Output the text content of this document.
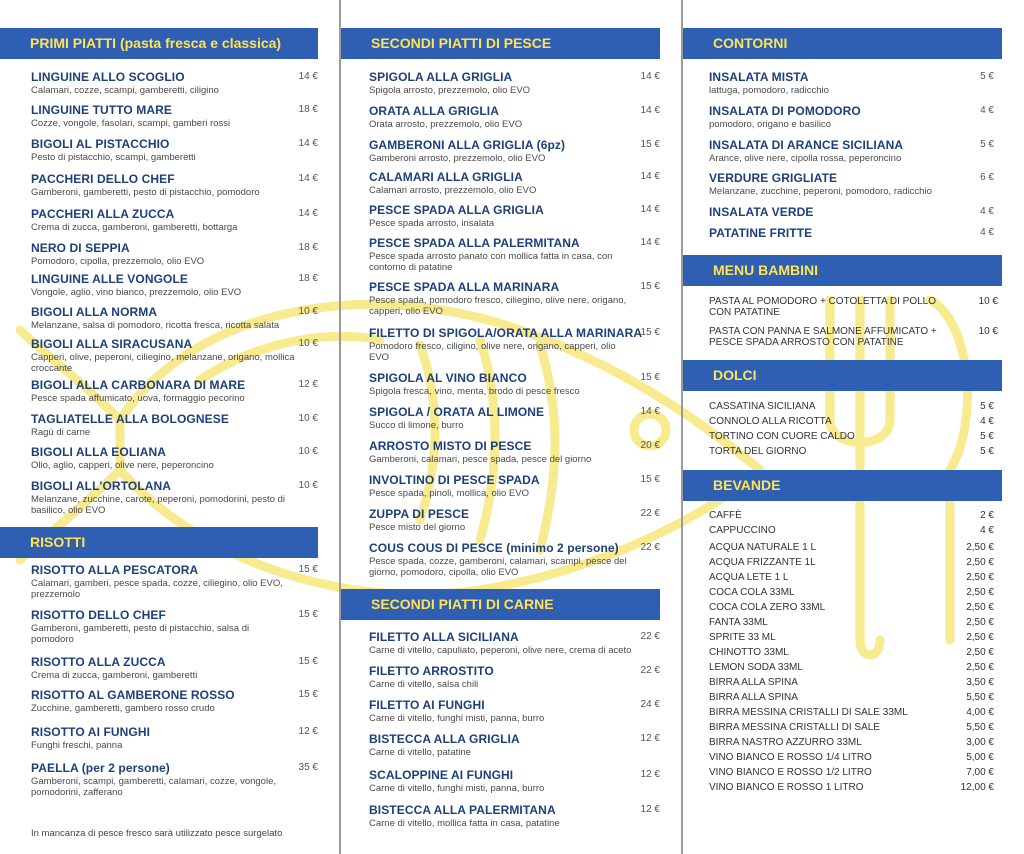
PRIMI PIATTI (pasta fresca e classica)
LINGUINE ALLO SCOGLIO
Calamari, cozze, scampi, gamberetti, ciligino
14 €
LINGUINE TUTTO MARE
Cozze, vongole, fasolari, scampi, gamberi rossi
18 €
BIGOLI AL PISTACCHIO
Pesto di pistacchio, scampi, gamberetti
14 €
PACCHERI DELLO CHEF
Gamberoni, gamberetti, pesto di pistacchio, pomodoro
14 €
PACCHERI ALLA ZUCCA
Crema di zucca, gamberoni, gamberetti, bottarga
14 €
NERO DI SEPPIA
Pomodoro, cipolla, prezzemolo, olio EVO
18 €
LINGUINE ALLE VONGOLE
Vongole, aglio, vino bianco, prezzemolo, olio EVO
18 €
BIGOLI ALLA NORMA
Melanzane, salsa di pomodoro, ricotta fresca, ricotta salata
10 €
BIGOLI ALLA SIRACUSANA
Capperi, olive, peperoni, ciliegino, melanzane, origano, mollica croccante
10 €
BIGOLI ALLA CARBONARA DI MARE
Pesce spada affumicato, uova, formaggio pecorino
12 €
TAGLIATELLE ALLA BOLOGNESE
Ragù di carne
10 €
BIGOLI ALLA EOLIANA
Olio, aglio, capperi, olive nere, peperoncino
10 €
BIGOLI ALL'ORTOLANA
Melanzane, zucchine, carote, peperoni, pomodorini, pesto di basilico, olio EVO
10 €
RISOTTI
RISOTTO ALLA PESCATORA
Calamari, gamberi, pesce spada, cozze, ciliegino, olio EVO, prezzemolo
15 €
RISOTTO DELLO CHEF
Gamberoni, gamberetti, pesto di pistacchio, salsa di pomodoro
15 €
RISOTTO ALLA ZUCCA
Crema di zucca, gamberoni, gamberetti
15 €
RISOTTO AL GAMBERONE ROSSO
Zucchine, gamberetti, gambero rosso crudo
15 €
RISOTTO AI FUNGHI
Funghi freschi, panna
12 €
PAELLA (per 2 persone)
Gamberoni, scampi, gamberetti, calamari, cozze, vongole, pomodorini, zafferano
35 €
In mancanza di pesce fresco sarà utilizzato pesce surgelato
SECONDI PIATTI DI PESCE
SPIGOLA ALLA GRIGLIA
Spigola arrosto, prezzemolo, olio EVO
14 €
ORATA ALLA GRIGLIA
Orata arrosto, prezzemolo, olio EVO
14 €
GAMBERONI ALLA GRIGLIA (6pz)
Gamberoni arrosto, prezzemolo, olio EVO
15 €
CALAMARI ALLA GRIGLIA
Calamari arrosto, prezzemolo, olio EVO
14 €
PESCE SPADA ALLA GRIGLIA
Pesce spada arrosto, insalata
14 €
PESCE SPADA ALLA PALERMITANA
Pesce spada arrosto panato con mollica fatta in casa, con contorno di patatine
14 €
PESCE SPADA ALLA MARINARA
Pesce spada, pomodoro fresco, ciliegino, olive nere, origano, capperi, olio EVO
15 €
FILETTO DI SPIGOLA/ORATA ALLA MARINARA
Pomodoro fresco, ciligino, olive nere, origano, capperi, olio EVO
15 €
SPIGOLA AL VINO BIANCO
Spigola fresca, vino, menta, brodo di pesce fresco
15 €
SPIGOLA / ORATA AL LIMONE
Succo di limone, burro
14 €
ARROSTO MISTO DI PESCE
Gamberoni, calamari, pesce spada, pesce del giorno
20 €
INVOLTINO DI PESCE SPADA
Pesce spada, pinoli, mollica, olio EVO
15 €
ZUPPA DI PESCE
Pesce misto del giorno
22 €
COUS COUS DI PESCE (minimo 2 persone)
Pesce spada, cozze, gamberoni, calamari, scampi, pesce del giorno, pomodoro, cipolla, olio EVO
22 €
SECONDI PIATTI DI CARNE
FILETTO ALLA SICILIANA
Carne di vitello, capuliato, peperoni, olive nere, crema di aceto
22 €
FILETTO ARROSTITO
Carne di vitello, salsa chili
22 €
FILETTO AI FUNGHI
Carne di vitello, funghi misti, panna, burro
24 €
BISTECCA ALLA GRIGLIA
Carne di vitello, patatine
12 €
SCALOPPINE AI FUNGHI
Carne di vitello, funghi misti, panna, burro
12 €
BISTECCA ALLA PALERMITANA
Carne di vitello, mollica fatta in casa, patatine
12 €
CONTORNI
INSALATA MISTA
lattuga, pomodoro, radicchio
5 €
INSALATA DI POMODORO
pomodoro, origano e basilico
4 €
INSALATA DI ARANCE SICILIANA
Arance, olive nere, cipolla rossa, peperoncino
5 €
VERDURE GRIGLIATE
Melanzane, zucchine, peperoni, pomodoro, radicchio
6 €
INSALATA VERDE	4 €
PATATINE FRITTE	4 €
MENU BAMBINI
PASTA AL POMODORO + COTOLETTA DI POLLO CON PATATINE
10 €
PASTA CON PANNA E SALMONE AFFUMICATO + PESCE SPADA ARROSTO CON PATATINE
10 €
DOLCI
CASSATINA SICILIANA	5 €
CONNOLO ALLA RICOTTA	4 €
TORTINO CON CUORE CALDO	5 €
TORTA DEL GIORNO	5 €
BEVANDE
CAFFÈ	2 €
CAPPUCCINO	4 €
ACQUA NATURALE 1 L	2,50 €
ACQUA FRIZZANTE 1L	2,50 €
ACQUA LETE 1 L	2,50 €
COCA COLA 33ML	2,50 €
COCA COLA ZERO 33ML	2,50 €
FANTA 33ML	2,50 €
SPRITE 33 ML	2,50 €
CHINOTTO 33ML	2,50 €
LEMON SODA 33ML	2,50 €
BIRRA ALLA SPINA	3,50 €
BIRRA ALLA SPINA	5,50 €
BIRRA MESSINA CRISTALLI DI SALE 33ML	4,00 €
BIRRA MESSINA CRISTALLI DI SALE	5,50 €
BIRRA NASTRO AZZURRO 33ML	3,00 €
VINO BIANCO E ROSSO 1/4 LITRO	5,00 €
VINO BIANCO E ROSSO 1/2 LITRO	7,00 €
VINO BIANCO E ROSSO 1 LITRO	12,00 €
